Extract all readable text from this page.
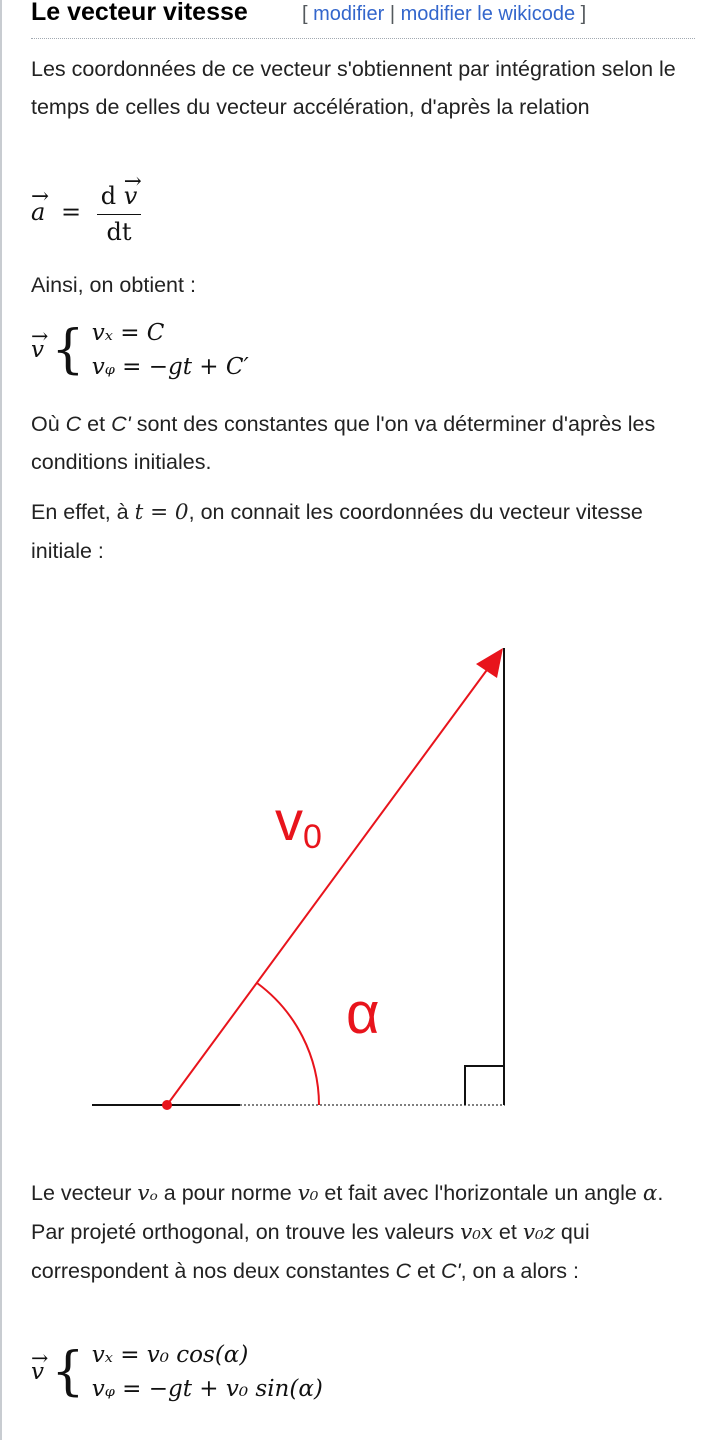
Le vecteur vitesse	[ modifier | modifier le wikicode ]
Les coordonnées de ce vecteur s'obtiennent par intégration selon le temps de celles du vecteur accélération, d'après la relation
→ $a = \frac{d \to v}{dt}$
Ainsi, on obtient :
→ v { vₓ = C
vᵩ = −gt + C′
Où C et C' sont des constantes que l'on va déterminer d'après les conditions initiales.
En effet, à t = 0, on connait les coordonnées du vecteur vitesse initiale :
v0
α
Le vecteur vₒ a pour norme v₀ et fait avec l'horizontale un angle α. Par projeté orthogonal, on trouve les valeurs v₀x et v₀z qui correspondent à nos deux constantes C et C', on a alors :
→ v { vₓ = v₀ cos(α)
vᵩ = −gt + v₀ sin(α)
